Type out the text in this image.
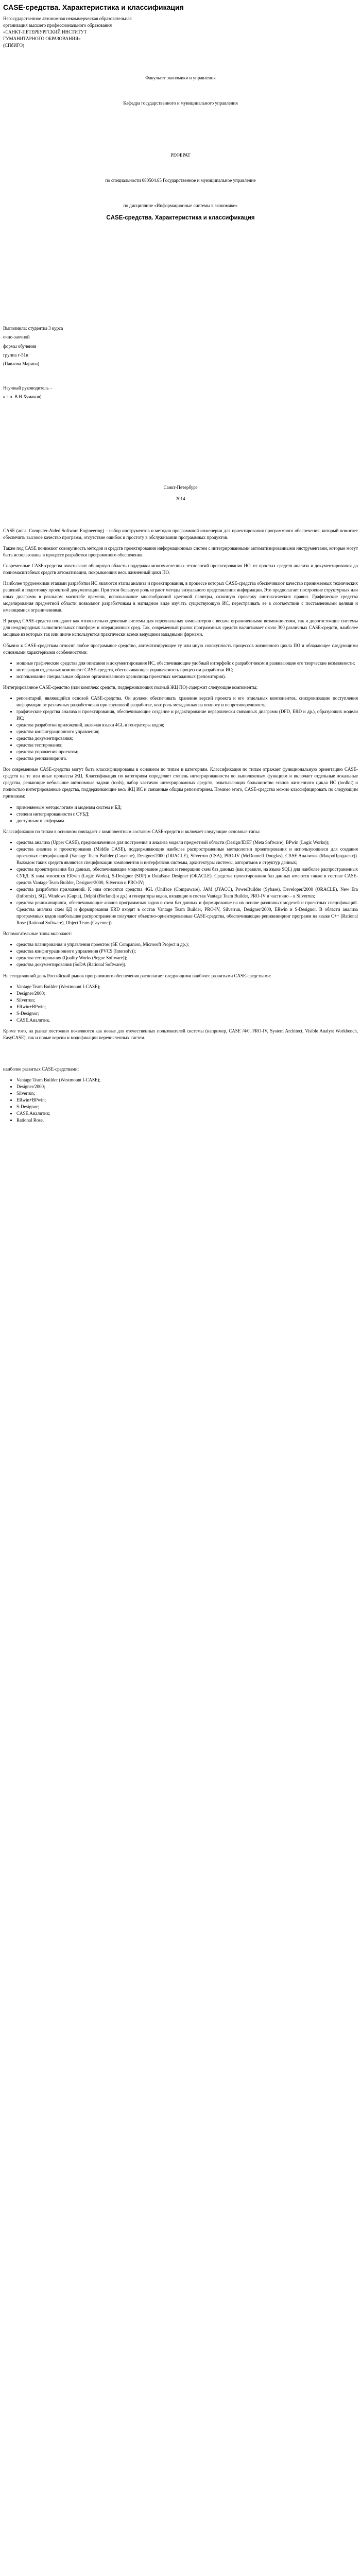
CASE-средства. Характеристика и классификация

Негосударственное автономная некоммерческая образовательная

организация высшего профессионального образования

«САНКТ-ПЕТЕРБУРГСКИЙ ИНСТИТУТ

ГУМАНИТАРНОГО ОБРАЗОВАНИЯ»

(СПбИГО)

Факультет экономики и управления

Кафедра государственного и муниципального управления

РЕФЕРАТ

по специальности 080504.65 Государственное и муниципальное управление

по дисциплине «Информационные системы в экономике»

CASE-средства. Характеристика и классификация

Выполнила: студентка 3 курса

очно-заочной

формы обучения

группа г-51и

(Павлова Марина)

Научный руководитель –

к.э.н. В.Н.Хумаков)

Санкт-Петербург

2014

CASE (англ. Computer-Aided Software Engineering) – набор инструментов и методов программной инженерии для проектирования программного обеспечения, который помогает обеспечить высокое качество программ, отсутствие ошибок и простоту в обслуживании программных продуктов.

Также под CASE понимают совокупность методов и средств проектирования информационных систем с интегрированными автоматизированными инструментами, которые могут быть использованы в процессе разработки программного обеспечения.

Современные CASE-средства охватывают обширную область поддержки многочисленных технологий проектирования ИС: от простых средств анализа и документирования до полномасштабных средств автоматизации, покрывающих весь жизненный цикл ПО.

Наиболее трудоемкими этапами разработки ИС являются этапы анализа и проектирования, в процессе которых CASE-средства обеспечивают качество принимаемых технических решений и подготовку проектной документации. При этом большую роль играют методы визуального представления информации. Это предполагает построение структурных или иных диаграмм в реальном масштабе времени, использование многообразной цветовой палитры, сквозную проверку синтаксических правил. Графические средства моделирования предметной области позволяют разработчикам в наглядном виде изучать существующую ИС, перестраивать ее в соответствии с поставленными целями и имеющимися ограничениями.

В разряд CASE-средств попадают как относительно дешевые системы для персональных компьютеров с весьма ограниченными возможностями, так и дорогостоящие системы для неоднородных вычислительных платформ и операционных сред. Так, современный рынок программных средств насчитывает около 300 различных CASE-средств, наиболее мощные из которых так или иначе используются практически всеми ведущими западными фирмами.

Обычно к CASE-средствам относят любое программное средство, автоматизирующее ту или иную совокупность процессов жизненного цикла ПО и обладающее следующими основными характерными особенностями:

• мощные графические средства для описания и документирования ИС, обеспечивающие удобный интерфейс с разработчиком и развивающие его творческие возможности;
• интеграция отдельных компонент CASE-средств, обеспечивающая управляемость процессом разработки ИС;
• использование специальным образом организованного хранилища проектных метаданных (репозитория).

Интегрированное CASE-средство (или комплекс средств, поддерживающих полный ЖЦ ПО) содержит следующие компоненты;

• репозитарий, являющийся основой CASE-средства. Он должен обеспечивать хранение версий проекта и его отдельных компонентов, синхронизацию поступления информации от различных разработчиков при групповой разработке, контроль метаданных на полноту и непротиворечивость;
• графические средства анализа и проектирования, обеспечивающие создание и редактирование иерархически связанных диаграмм (DFD, ERD и др.), образующих модели ИС;
• средства разработки приложений, включая языки 4GL и генераторы кодов;
• средства конфигурационного управления;
• средства документирования;
• средства тестирования;
• средства управления проектом;
• средства реинжиниринга.

Все современные CASE-средства могут быть классифицированы в основном по типам и категориям. Классификация по типам отражает функциональную ориентацию CASE-средств на те или иные процессы ЖЦ. Классификация по категориям определяет степень интегрированности по выполняемым функциям и включает отдельные локальные средства, решающие небольшие автономные задачи (tools), набор частично интегрированных средств, охватывающих большинство этапов жизненного цикла ИС (toolkit) и полностью интегрированные средства, поддерживающие весь ЖЦ ИС и связанные общим репозиторием. Помимо этого, CASE-средства можно классифицировать по следующим признакам:

• применяемым методологиям и моделям систем и БД;
• степени интегрированности с СУБД;
• доступным платформам.

Классификация по типам в основном совпадает с компонентным составом CASE-средств и включает следующие основные типы:

• средства анализа (Upper CASE), предназначенные для построения и анализа модели предметной области (Design/IDEF (Meta Software), BPwin (Logic Works));
• средства анализа и проектирования (Middle CASE), поддерживающие наиболее распространенные методологии проектирования и использующиеся для создания проектных спецификаций (Vantage Team Builder (Cayenne), Designer/2000 (ORACLE), Silverrun (CSA), PRO-IV (McDonnell Douglas), CASE.Аналитик (МакроПроджект)). Выходом таких средств являются спецификации компонентов и интерфейсов системы, архитектуры системы, алгоритмов и структур данных;
• средства проектирования баз данных, обеспечивающие моделирование данных и генерацию схем баз данных (как правило, на языке SQL) для наиболее распространенных СУБД. К ним относятся ERwin (Logic Works), S-Designor (SDP) и DataBase Designer (ORACLE). Средства проектирования баз данных имеются также в составе CASE-средств Vantage Team Builder, Designer/2000, Silverrun и PRO-IV;
• средства разработки приложений. К ним относятся средства 4GL (Uniface (Compuware), JAM (JYACC), PowerBuilder (Sybase), Developer/2000 (ORACLE), New Era (Informix), SQL Windows (Gupta), Delphi (Borland) и др.) и генераторы кодов, входящие в состав Vantage Team Builder, PRO-IV и частично – в Silverrun;
• средства реинжиниринга, обеспечивающие анализ программных кодов и схем баз данных и формирование на их основе различных моделей и проектных спецификаций. Средства анализа схем БД и формирования ERD входят в состав Vantage Team Builder, PRO-IV, Silverrun, Designer/2000, ERwin и S-Designor. В области анализа программных кодов наибольшее распространение получают объектно-ориентированные CASE-средства, обеспечивающие реинжиниринг программ на языке С++ (Rational Rose (Rational Software), Object Team (Cayenne)).

Вспомогательные типы включают:

• средства планирования и управления проектом (SE Companion, Microsoft Project и др.);
• средства конфигурационного управления (PVCS (Intersolv));
• средства тестирования (Quality Works (Segue Software));
• средства документирования (SoDA (Rational Software)).

На сегодняшний день Российский рынок программного обеспечения располагает следующими наиболее развитыми CASE-средствами:

• Vantage Team Builder (Westmount I-CASE);
• Designer/2000;
• Silverrun;
• ERwin+BPwin;
• S-Designor;
• CASE.Аналитик.

Кроме того, на рынке постоянно появляются как новые для отечественных пользователей системы (например, CASE /4/0, PRO-IV, System Architect, Visible Analyst Workbench, EasyCASE), так и новые версии и модификации перечисленных систем.

наиболее развитых CASE-средствами:

• Vantage Team Builder (Westmount I-CASE);
• Designer/2000;
• Silverrun;
• ERwin+BPwin;
• S-Designor;
• CASE.Аналитик;
• Rational Rose.
